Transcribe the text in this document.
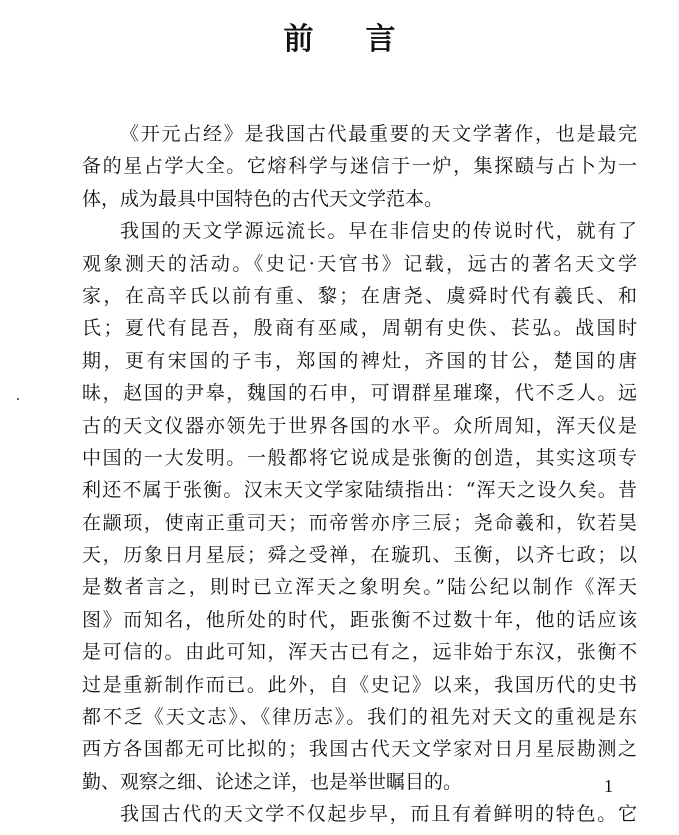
前言
《开元占经》是我国古代最重要的天文学著作，也是最完
备的星占学大全。它熔科学与迷信于一炉，集探赜与占卜为一
体，成为最具中国特色的古代天文学范本。
我国的天文学源远流长。早在非信史的传说时代，就有了
观象测天的活动。《史记·天官书》记载，远古的著名天文学
家，在高辛氏以前有重、黎；在唐尧、虞舜时代有羲氏、和
氏；夏代有昆吾，殷商有巫咸，周朝有史佚、苌弘。战国时
期，更有宋国的子韦，郑国的裨灶，齐国的甘公，楚国的唐
昧，赵国的尹皋，魏国的石申，可谓群星璀璨，代不乏人。远
古的天文仪器亦领先于世界各国的水平。众所周知，浑天仪是
中国的一大发明。一般都将它说成是张衡的创造，其实这项专
利还不属于张衡。汉末天文学家陆绩指出：“浑天之设久矣。昔
在颛顼，使南正重司天；而帝喾亦序三辰；尧命羲和，钦若昊
天，历象日月星辰；舜之受禅，在璇玑、玉衡，以齐七政；以
是数者言之，則时已立浑天之象明矣。”陆公纪以制作《浑天
图》而知名，他所处的时代，距张衡不过数十年，他的话应该
是可信的。由此可知，浑天古已有之，远非始于东汉，张衡不
过是重新制作而已。此外，自《史记》以来，我国历代的史书
都不乏《天文志》、《律历志》。我们的祖先对天文的重视是东
西方各国都无可比拟的；我国古代天文学家对日月星辰勘测之
勤、观察之细、论述之详，也是举世瞩目的。
我国古代的天文学不仅起步早，而且有着鲜明的特色。它
1
